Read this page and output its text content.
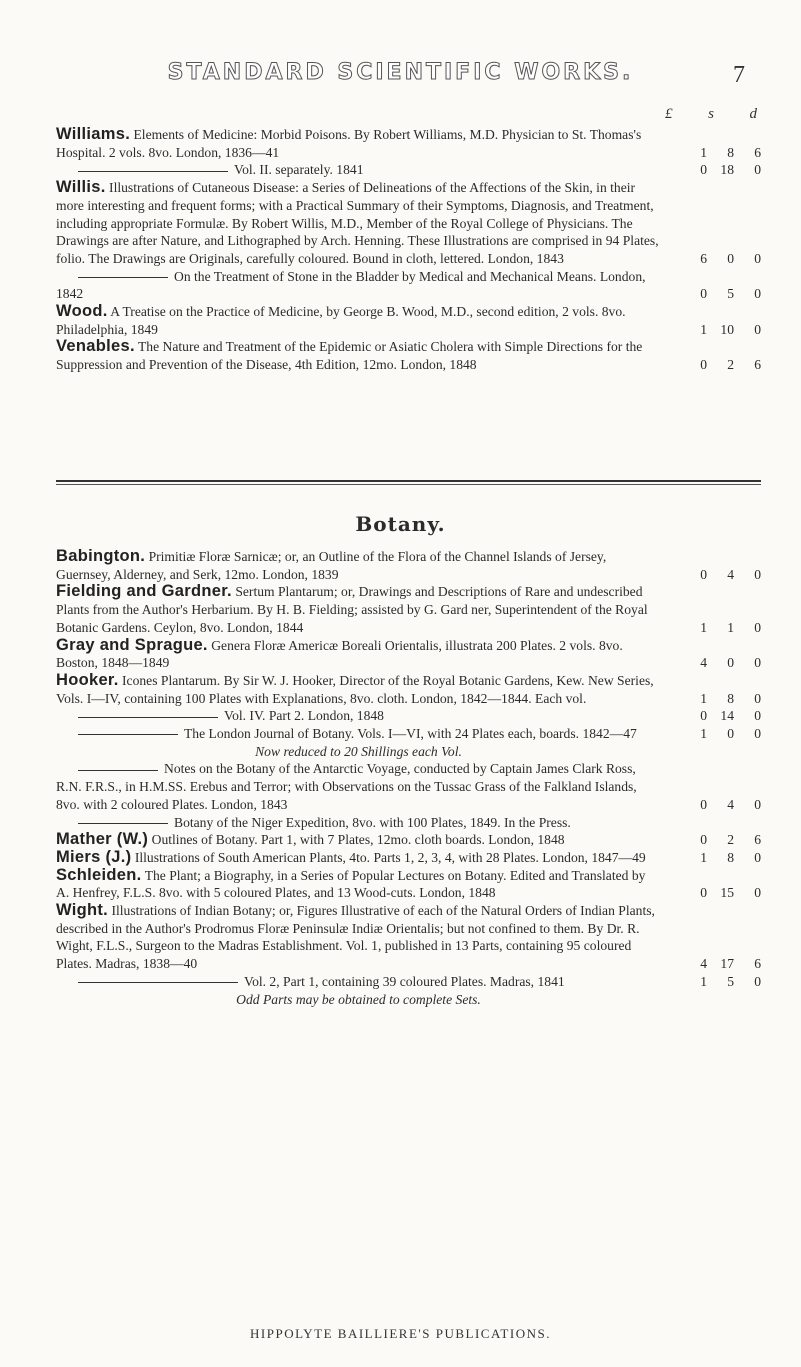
STANDARD SCIENTIFIC WORKS.	7
£ s d
Williams. Elements of Medicine: Morbid Poisons. By Robert Williams, M.D. Physician to St. Thomas's Hospital. 2 vols. 8vo. London, 1836—41	1	8	6
Vol. II. separately. 1841	0 18	0
Willis. Illustrations of Cutaneous Disease: a Series of Delineations of the Affections of the Skin, in their more interesting and frequent forms; with a Practical Summary of their Symptoms, Diagnosis, and Treatment, including appropriate Formulæ. By Robert Willis, M.D., Member of the Royal College of Physicians. The Drawings are after Nature, and Lithographed by Arch. Henning. These Illustrations are comprised in 94 Plates, folio. The Drawings are Originals, carefully coloured. Bound in cloth, lettered. London, 1843	6	0	0
On the Treatment of Stone in the Bladder by Medical and Mechanical Means. London, 1842	0	5	0
Wood. A Treatise on the Practice of Medicine, by George B. Wood, M.D., second edition, 2 vols. 8vo. Philadelphia, 1849	1 10	0
Venables. The Nature and Treatment of the Epidemic or Asiatic Cholera with Simple Directions for the Suppression and Prevention of the Disease, 4th Edition, 12mo. London, 1848	0	2	6
Botany.
Babington. Primitiæ Floræ Sarnicæ; or, an Outline of the Flora of the Channel Islands of Jersey, Guernsey, Alderney, and Serk, 12mo. London, 1839	0	4	0
Fielding and Gardner. Sertum Plantarum; or, Drawings and Descriptions of Rare and undescribed Plants from the Author's Herbarium. By H. B. Fielding; assisted by G. Gard ner, Superintendent of the Royal Botanic Gardens. Ceylon, 8vo. London, 1844	1	1	0
Gray and Sprague. Genera Floræ Americæ Boreali Orientalis, illustrata 200 Plates. 2 vols. 8vo. Boston, 1848—1849	4	0	0
Hooker. Icones Plantarum. By Sir W. J. Hooker, Director of the Royal Botanic Gardens, Kew. New Series, Vols. I—IV, containing 100 Plates with Explanations, 8vo. cloth. London, 1842—1844. Each vol.	1	8	0
Vol. IV. Part 2. London, 1848	0 14	0
The London Journal of Botany. Vols. I—VI, with 24 Plates each, boards. 1842—47	1	0	0
Now reduced to 20 Shillings each Vol.
Notes on the Botany of the Antarctic Voyage, conducted by Captain James Clark Ross, R.N. F.R.S., in H.M.SS. Erebus and Terror; with Observations on the Tussac Grass of the Falkland Islands, 8vo. with 2 coloured Plates. London, 1843	0	4	0
Botany of the Niger Expedition, 8vo. with 100 Plates, 1849. In the Press.
Mather (W.) Outlines of Botany. Part 1, with 7 Plates, 12mo. cloth boards. London, 1848	0	2	6
Miers (J.) Illustrations of South American Plants, 4to. Parts 1, 2, 3, 4, with 28 Plates. London, 1847—49	1	8	0
Schleiden. The Plant; a Biography, in a Series of Popular Lectures on Botany. Edited and Translated by A. Henfrey, F.L.S. 8vo. with 5 coloured Plates, and 13 Wood-cuts. London, 1848	0 15	0
Wight. Illustrations of Indian Botany; or, Figures Illustrative of each of the Natural Orders of Indian Plants, described in the Author's Prodromus Floræ Peninsulæ Indiæ Orientalis; but not confined to them. By Dr. R. Wight, F.L.S., Surgeon to the Madras Establishment. Vol. 1, published in 13 Parts, containing 95 coloured Plates. Madras, 1838—40	4 17	6
Vol. 2, Part 1, containing 39 coloured Plates. Madras, 1841	1	5	0
Odd Parts may be obtained to complete Sets.
HIPPOLYTE BAILLIERE'S PUBLICATIONS.
